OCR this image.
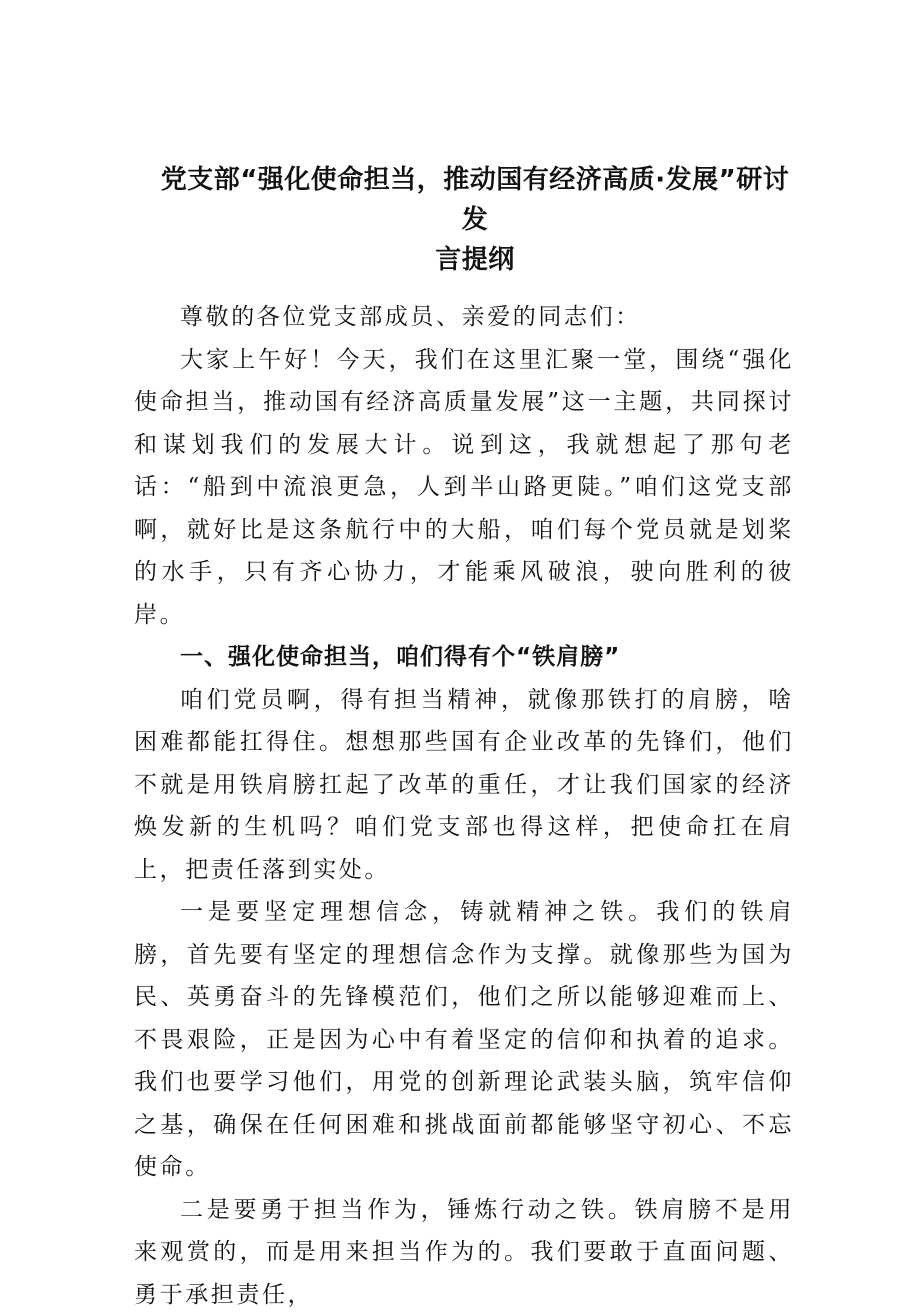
党支部“强化使命担当，推动国有经济高质·发展”研讨发
言提纲

尊敬的各位党支部成员、亲爱的同志们：

大家上午好！今天，我们在这里汇聚一堂，围绕“强化使命担当，推动国有经济高质量发展”这一主题，共同探讨和谋划我们的发展大计。说到这，我就想起了那句老话：“船到中流浪更急，人到半山路更陡。”咱们这党支部啊，就好比是这条航行中的大船，咱们每个党员就是划桨的水手，只有齐心协力，才能乘风破浪，驶向胜利的彼岸。

一、强化使命担当，咱们得有个“铁肩膀”

咱们党员啊，得有担当精神，就像那铁打的肩膀，啥困难都能扛得住。想想那些国有企业改革的先锋们，他们不就是用铁肩膀扛起了改革的重任，才让我们国家的经济焕发新的生机吗？咱们党支部也得这样，把使命扛在肩上，把责任落到实处。

一是要坚定理想信念，铸就精神之铁。我们的铁肩膀，首先要有坚定的理想信念作为支撑。就像那些为国为民、英勇奋斗的先锋模范们，他们之所以能够迎难而上、不畏艰险，正是因为心中有着坚定的信仰和执着的追求。我们也要学习他们，用党的创新理论武装头脑，筑牢信仰之基，确保在任何困难和挑战面前都能够坚守初心、不忘使命。

二是要勇于担当作为，锤炼行动之铁。铁肩膀不是用来观赏的，而是用来担当作为的。我们要敢于直面问题、勇于承担责任，
